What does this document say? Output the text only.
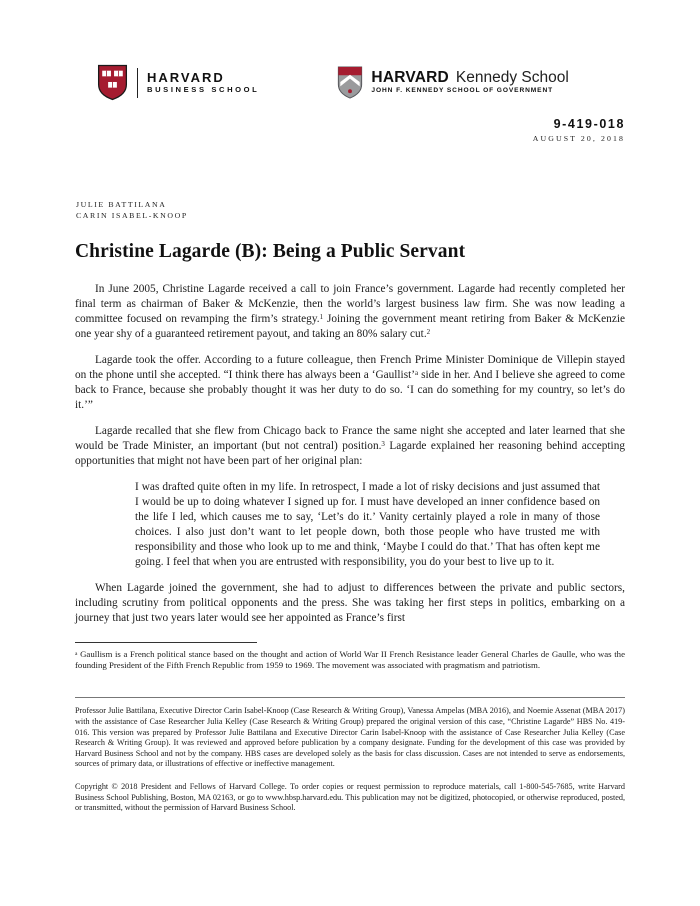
HARVARD
BUSINESS SCHOOL
HARVARD Kennedy School
JOHN F. KENNEDY SCHOOL OF GOVERNMENT
9-419-018
AUGUST 20, 2018
JULIE BATTILANA
CARIN ISABEL-KNOOP
Christine Lagarde (B): Being a Public Servant

In June 2005, Christine Lagarde received a call to join France’s government. Lagarde had recently completed her final term as chairman of Baker & McKenzie, then the world’s largest business law firm. She was now leading a committee focused on revamping the firm’s strategy.$^1$ Joining the government meant retiring from Baker & McKenzie one year shy of a guaranteed retirement payout, and taking an 80% salary cut.$^2$

Lagarde took the offer. According to a future colleague, then French Prime Minister Dominique de Villepin stayed on the phone until she accepted. “I think there has always been a ‘Gaullist’$^a$ side in her. And I believe she agreed to come back to France, because she probably thought it was her duty to do so. ‘I can do something for my country, so let’s do it.’”

Lagarde recalled that she flew from Chicago back to France the same night she accepted and later learned that she would be Trade Minister, an important (but not central) position.$^3$ Lagarde explained her reasoning behind accepting opportunities that might not have been part of her original plan:

I was drafted quite often in my life. In retrospect, I made a lot of risky decisions and just assumed that I would be up to doing whatever I signed up for. I must have developed an inner confidence based on the life I led, which causes me to say, ‘Let’s do it.’ Vanity certainly played a role in many of those choices. I also just don’t want to let people down, both those people who have trusted me with responsibility and those who look up to me and think, ‘Maybe I could do that.’ That has often kept me going. I feel that when you are entrusted with responsibility, you do your best to live up to it.

When Lagarde joined the government, she had to adjust to differences between the private and public sectors, including scrutiny from political opponents and the press. She was taking her first steps in politics, embarking on a journey that just two years later would see her appointed as France’s first

$^a$ Gaullism is a French political stance based on the thought and action of World War II French Resistance leader General Charles de Gaulle, who was the founding President of the Fifth French Republic from 1959 to 1969. The movement was associated with pragmatism and patriotism.

Professor Julie Battilana, Executive Director Carin Isabel-Knoop (Case Research & Writing Group), Vanessa Ampelas (MBA 2016), and Noemie Assenat (MBA 2017) with the assistance of Case Researcher Julia Kelley (Case Research & Writing Group) prepared the original version of this case, “Christine Lagarde” HBS No. 419-016. This version was prepared by Professor Julie Battilana and Executive Director Carin Isabel-Knoop with the assistance of Case Researcher Julia Kelley (Case Research & Writing Group). It was reviewed and approved before publication by a company designate. Funding for the development of this case was provided by Harvard Business School and not by the company. HBS cases are developed solely as the basis for class discussion. Cases are not intended to serve as endorsements, sources of primary data, or illustrations of effective or ineffective management.

Copyright © 2018 President and Fellows of Harvard College. To order copies or request permission to reproduce materials, call 1-800-545-7685, write Harvard Business School Publishing, Boston, MA 02163, or go to www.hbsp.harvard.edu. This publication may not be digitized, photocopied, or otherwise reproduced, posted, or transmitted, without the permission of Harvard Business School.
